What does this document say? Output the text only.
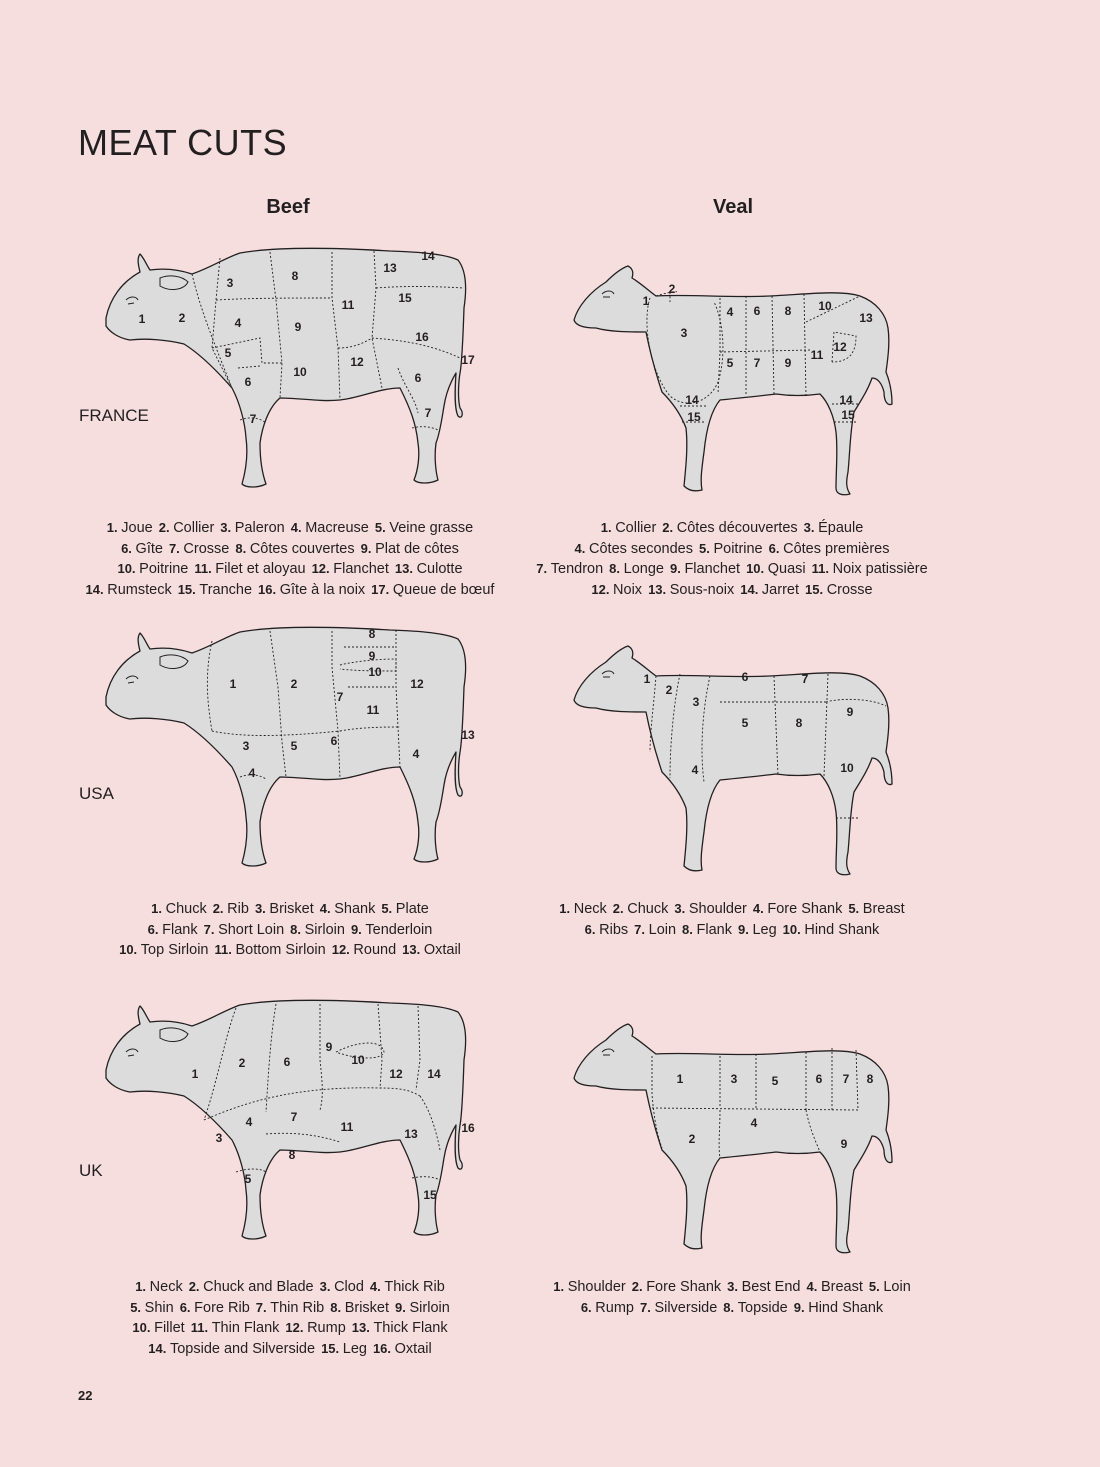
MEAT CUTS
Beef	Veal
FRANCE
USA
UK
1	2
3
4
5
6
7
8
9
10
11
12
13
14
15
16
6
7
17
1
2
3
4 6 8 10
13
12
11
5 7 9
14
15
14
15
1	2
7
8
9
10
11
12
3	5	6
4
4
13
1
2
3
6	7
5	8
9
4	10
1
2	6
9
10
12 14
3
4	7
11	13
8
5
15
16
1	3	5	6 7 8
4
2	9
1. Joue 2. Collier 3. Paleron 4. Macreuse 5. Veine grasse
6. Gîte 7. Crosse 8. Côtes couvertes 9. Plat de côtes
10. Poitrine 11. Filet et aloyau 12. Flanchet 13. Culotte
14. Rumsteck 15. Tranche 16. Gîte à la noix 17. Queue de bœuf
1. Collier 2. Côtes découvertes 3. Épaule
4. Côtes secondes 5. Poitrine 6. Côtes premières
7. Tendron 8. Longe 9. Flanchet 10. Quasi 11. Noix patissière
12. Noix 13. Sous-noix 14. Jarret 15. Crosse
1. Chuck 2. Rib 3. Brisket 4. Shank 5. Plate
6. Flank 7. Short Loin 8. Sirloin 9. Tenderloin
10. Top Sirloin 11. Bottom Sirloin 12. Round 13. Oxtail
1. Neck 2. Chuck 3. Shoulder 4. Fore Shank 5. Breast
6. Ribs 7. Loin 8. Flank 9. Leg 10. Hind Shank
1. Neck 2. Chuck and Blade 3. Clod 4. Thick Rib
5. Shin 6. Fore Rib 7. Thin Rib 8. Brisket 9. Sirloin
10. Fillet 11. Thin Flank 12. Rump 13. Thick Flank
14. Topside and Silverside 15. Leg 16. Oxtail
1. Shoulder 2. Fore Shank 3. Best End 4. Breast 5. Loin
6. Rump 7. Silverside 8. Topside 9. Hind Shank
22
